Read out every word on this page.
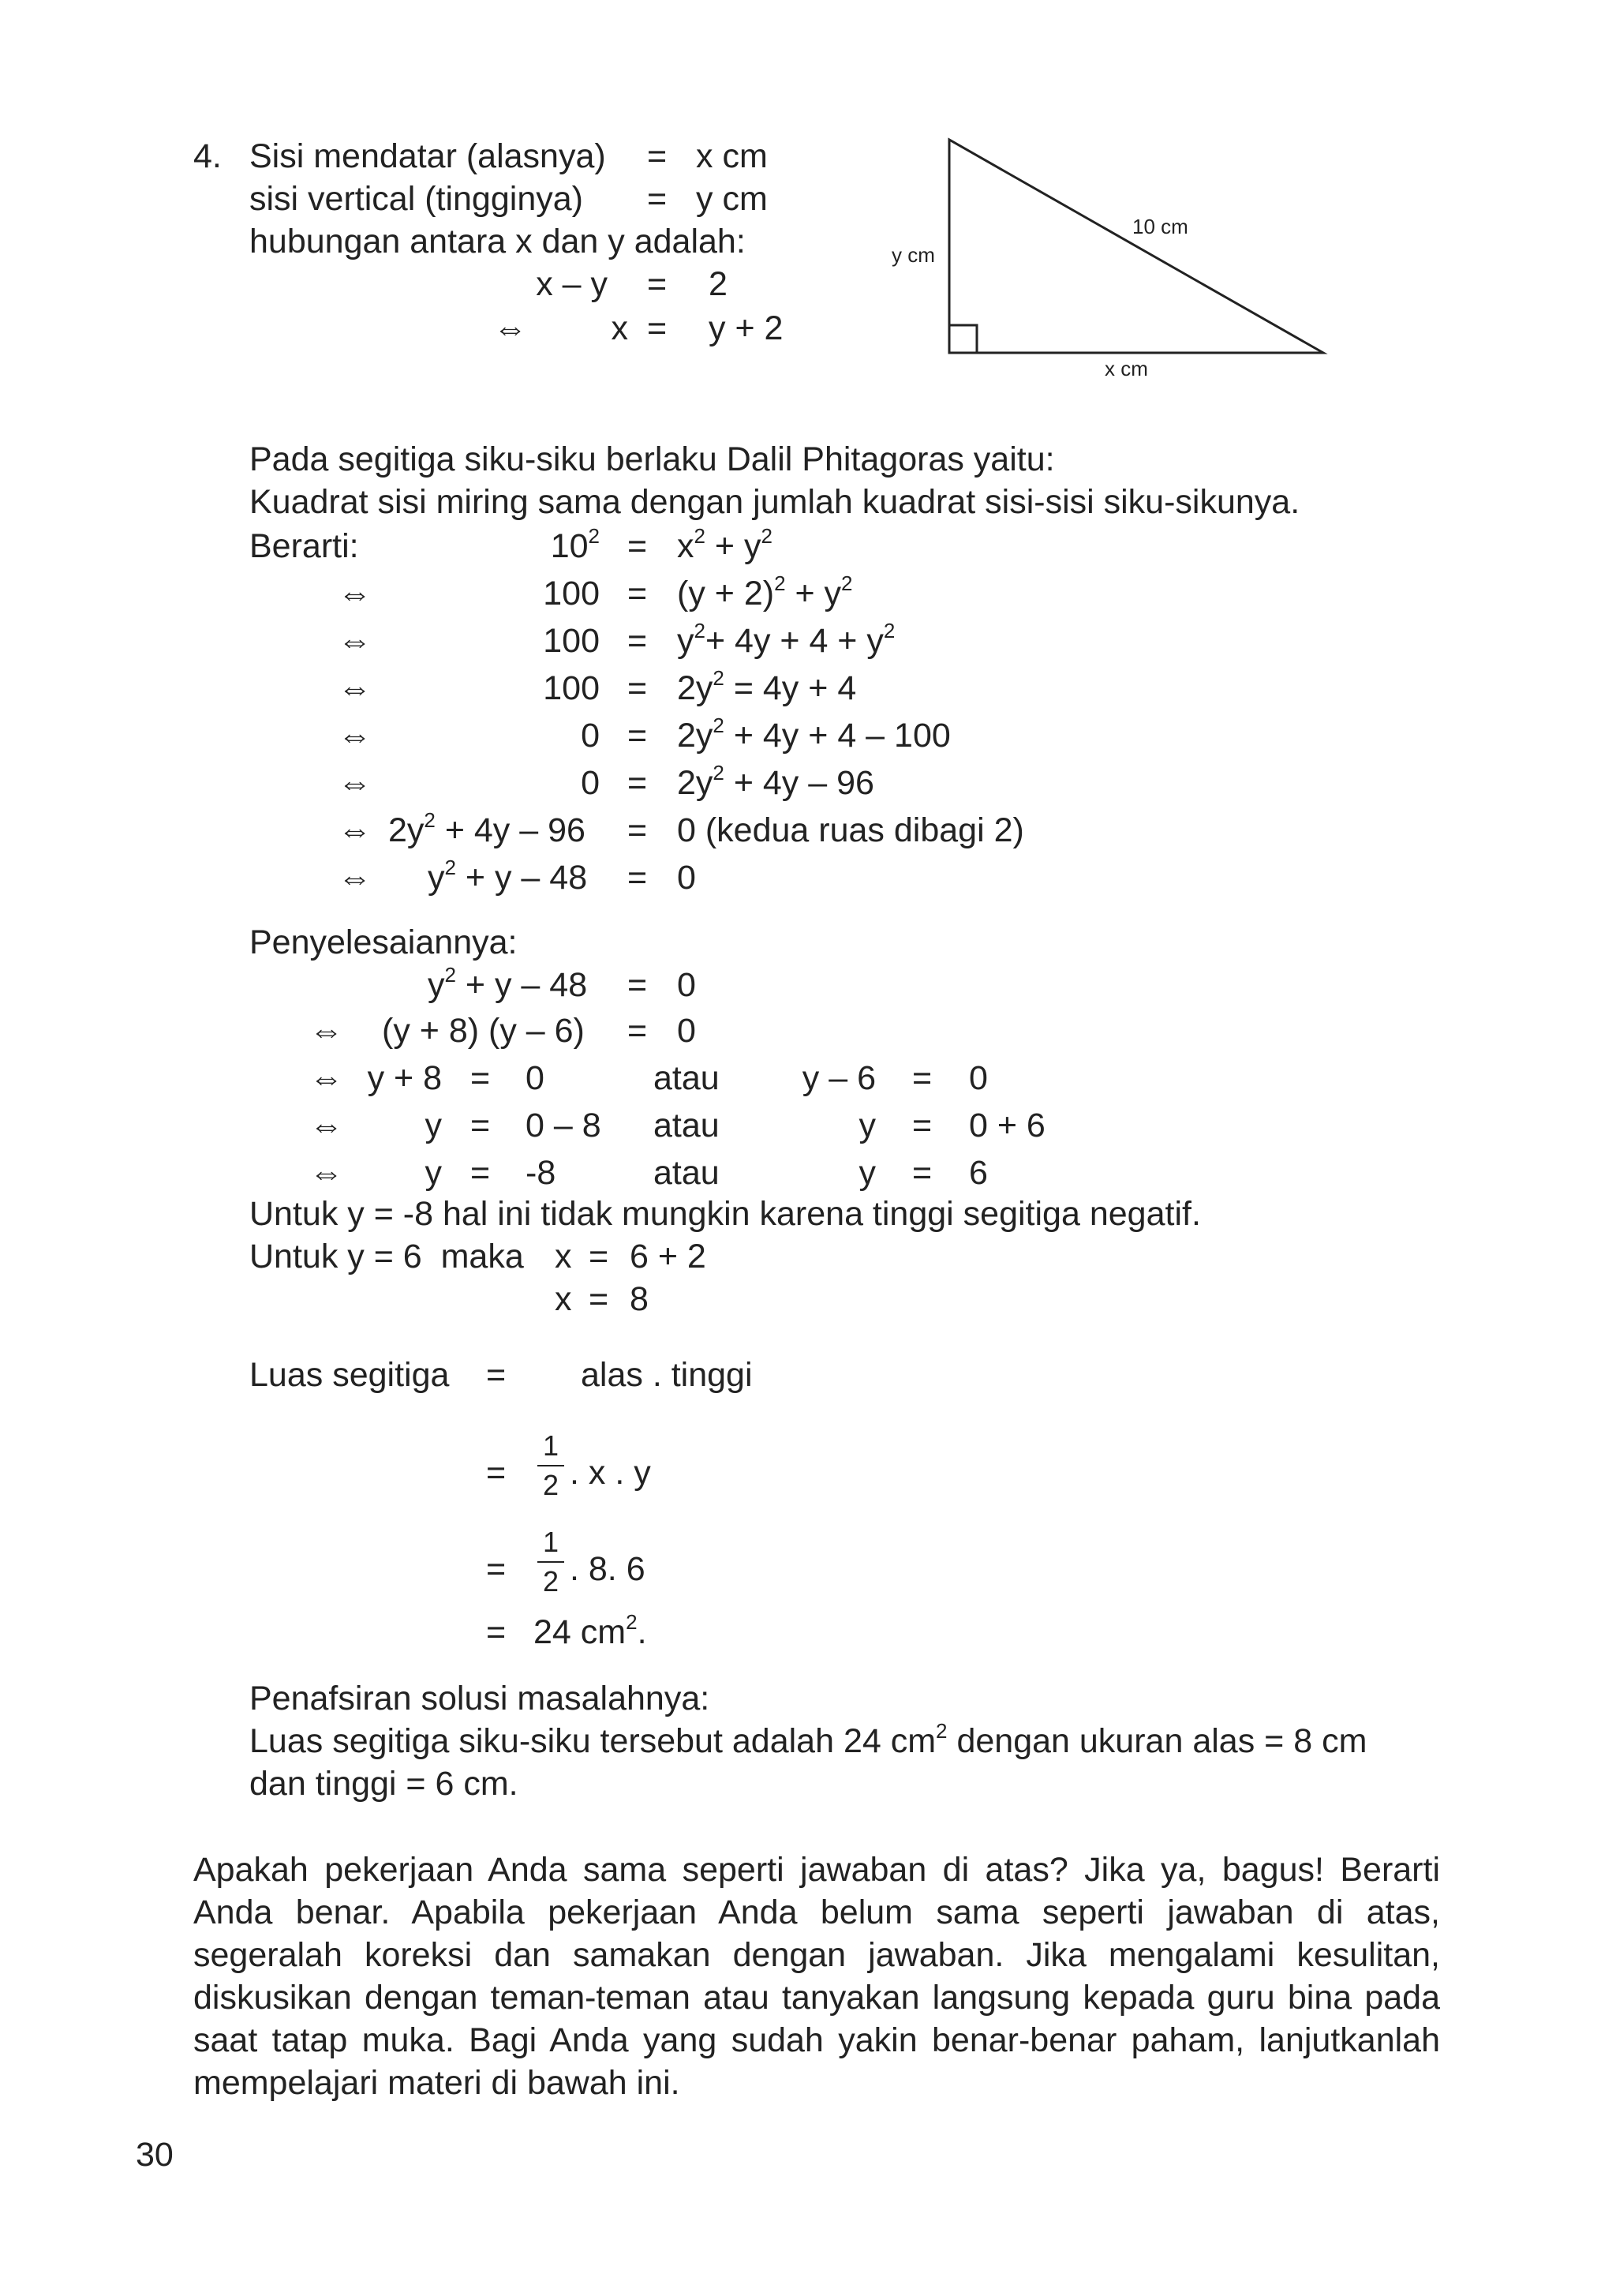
4. Sisi mendatar (alasnya) = x cm
sisi vertical (tingginya) = y cm
hubungan antara x dan y adalah:
x – y = 2
⇔	x = y + 2
10 cm
y cm
x cm
Pada segitiga siku-siku berlaku Dalil Phitagoras yaitu:
Kuadrat sisi miring sama dengan jumlah kuadrat sisi-sisi siku-sikunya.
Berarti:	$10^2 = x^2 + y^2$
⇔	$100 = (y + 2)^2 + y^2$
⇔	$100 = y^2+ 4y + 4 + y^2$
⇔	$100 = 2y^2 = 4y + 4$
⇔	$0 = 2y^2 + 4y + 4 - 100$
⇔	$0 = 2y^2 + 4y - 96$
⇔ $2y^2 + 4y - 96 = 0$ (kedua ruas dibagi 2)
⇔ $y^2 + y - 48 = 0$
Penyelesaiannya:
$y^2 + y - 48 = 0$
⇔ (y + 8) (y – 6) = 0
⇔ y + 8 = 0	atau	y – 6 = 0
⇔	y = 0 – 8 atau	y = 0 + 6
⇔	y = -8	atau	y = 6
Untuk y = -8 hal ini tidak mungkin karena tinggi segitiga negatif.
Untuk y = 6  maka x = 6 + 2
x = 8
Luas segitiga = alas . tinggi
=
1
2 . x . y
=
1
2 . 8. 6
= 24 $cm^2$.
Penafsiran solusi masalahnya:
Luas segitiga siku-siku tersebut adalah 24 $cm^2$ dengan ukuran alas = 8 cm
dan tinggi = 6 cm.
Apakah pekerjaan Anda sama seperti jawaban di atas? Jika ya, bagus! Berarti Anda benar. Apabila pekerjaan Anda belum sama seperti jawaban di atas, segeralah koreksi dan samakan dengan jawaban. Jika mengalami kesulitan, diskusikan dengan teman-teman atau tanyakan langsung kepada guru bina pada saat tatap muka. Bagi Anda yang sudah yakin benar-benar paham, lanjutkanlah mempelajari materi di bawah ini.
30
